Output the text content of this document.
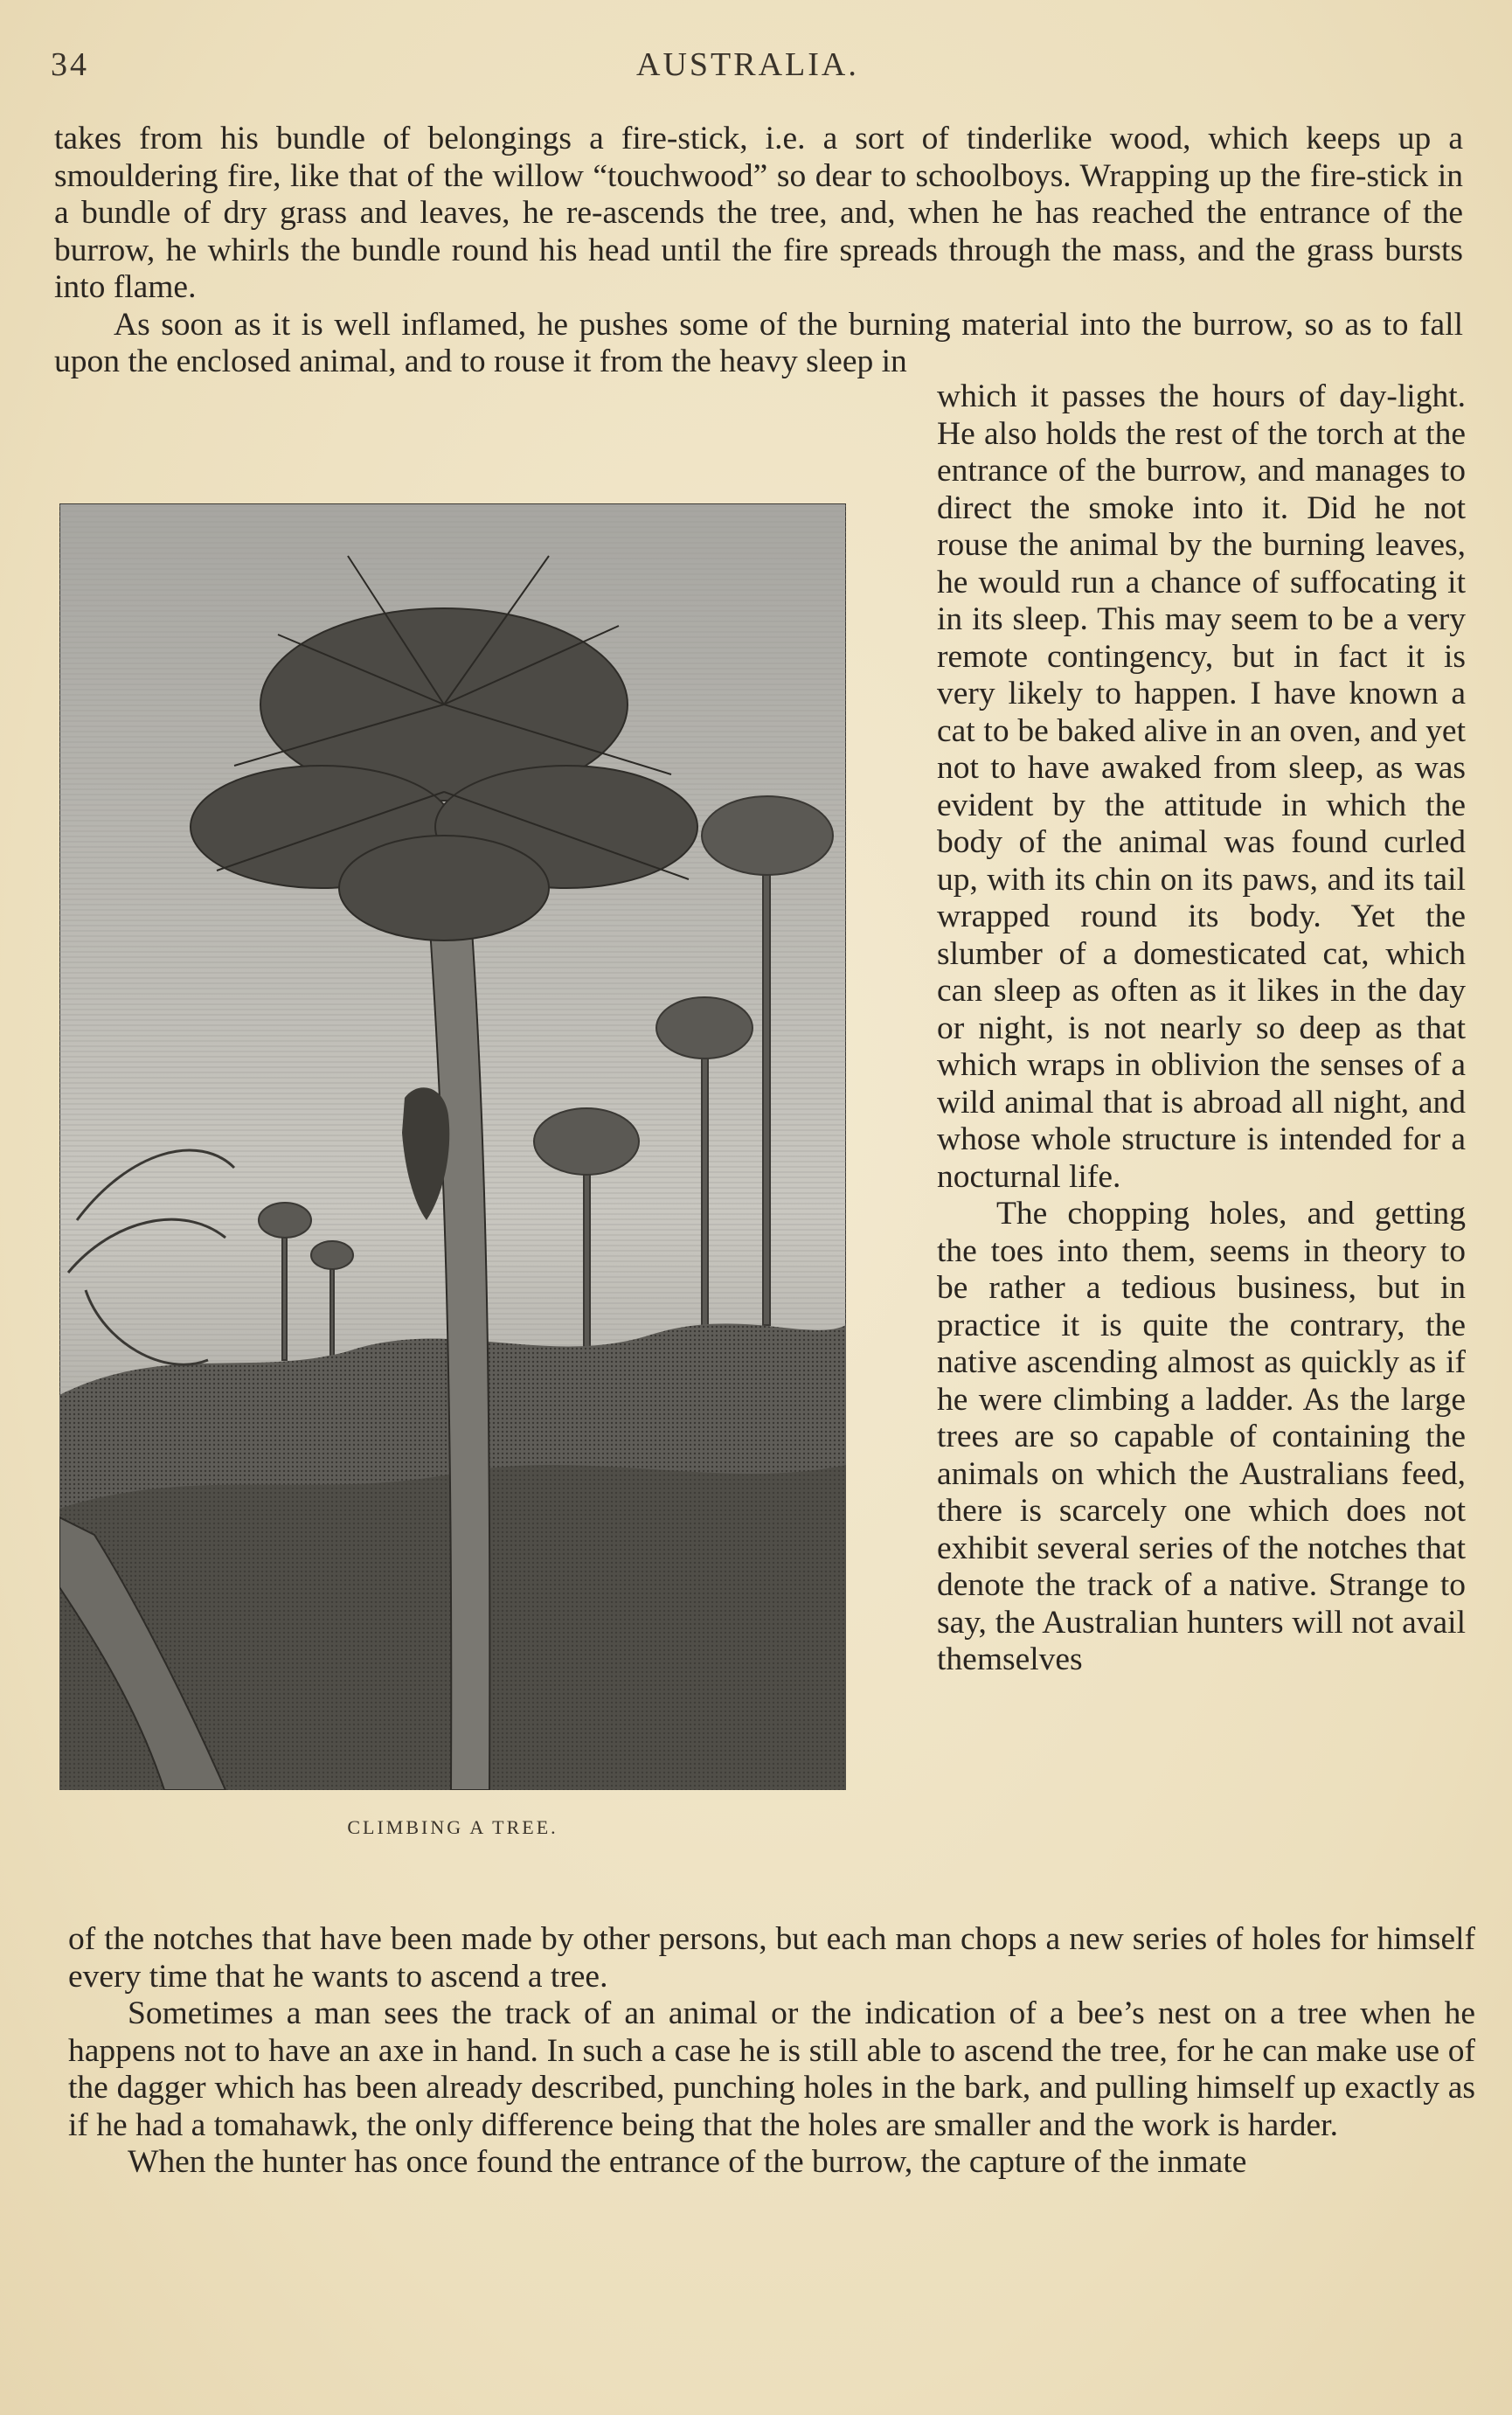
34	AUSTRALIA.

takes from his bundle of belongings a fire-stick, i.e. a sort of tinderlike wood, which keeps up a smouldering fire, like that of the willow “touchwood” so dear to schoolboys. Wrapping up the fire-stick in a bundle of dry grass and leaves, he re-ascends the tree, and, when he has reached the entrance of the burrow, he whirls the bundle round his head until the fire spreads through the mass, and the grass bursts into flame.

As soon as it is well inflamed, he pushes some of the burning material into the burrow, so as to fall upon the enclosed animal, and to rouse it from the heavy sleep in

CLIMBING A TREE.

which it passes the hours of day-light. He also holds the rest of the torch at the entrance of the burrow, and manages to direct the smoke into it. Did he not rouse the animal by the burning leaves, he would run a chance of suffocating it in its sleep. This may seem to be a very remote contingency, but in fact it is very likely to happen. I have known a cat to be baked alive in an oven, and yet not to have awaked from sleep, as was evident by the attitude in which the body of the animal was found curled up, with its chin on its paws, and its tail wrapped round its body. Yet the slumber of a domesticated cat, which can sleep as often as it likes in the day or night, is not nearly so deep as that which wraps in oblivion the senses of a wild animal that is abroad all night, and whose whole structure is intended for a nocturnal life.

The chopping holes, and getting the toes into them, seems in theory to be rather a tedious business, but in practice it is quite the contrary, the native ascending almost as quickly as if he were climbing a ladder. As the large trees are so capable of containing the animals on which the Australians feed, there is scarcely one which does not exhibit several series of the notches that denote the track of a native. Strange to say, the Australian hunters will not avail themselves

of the notches that have been made by other persons, but each man chops a new series of holes for himself every time that he wants to ascend a tree.

Sometimes a man sees the track of an animal or the indication of a bee’s nest on a tree when he happens not to have an axe in hand. In such a case he is still able to ascend the tree, for he can make use of the dagger which has been already described, punching holes in the bark, and pulling himself up exactly as if he had a tomahawk, the only difference being that the holes are smaller and the work is harder.

When the hunter has once found the entrance of the burrow, the capture of the inmate
